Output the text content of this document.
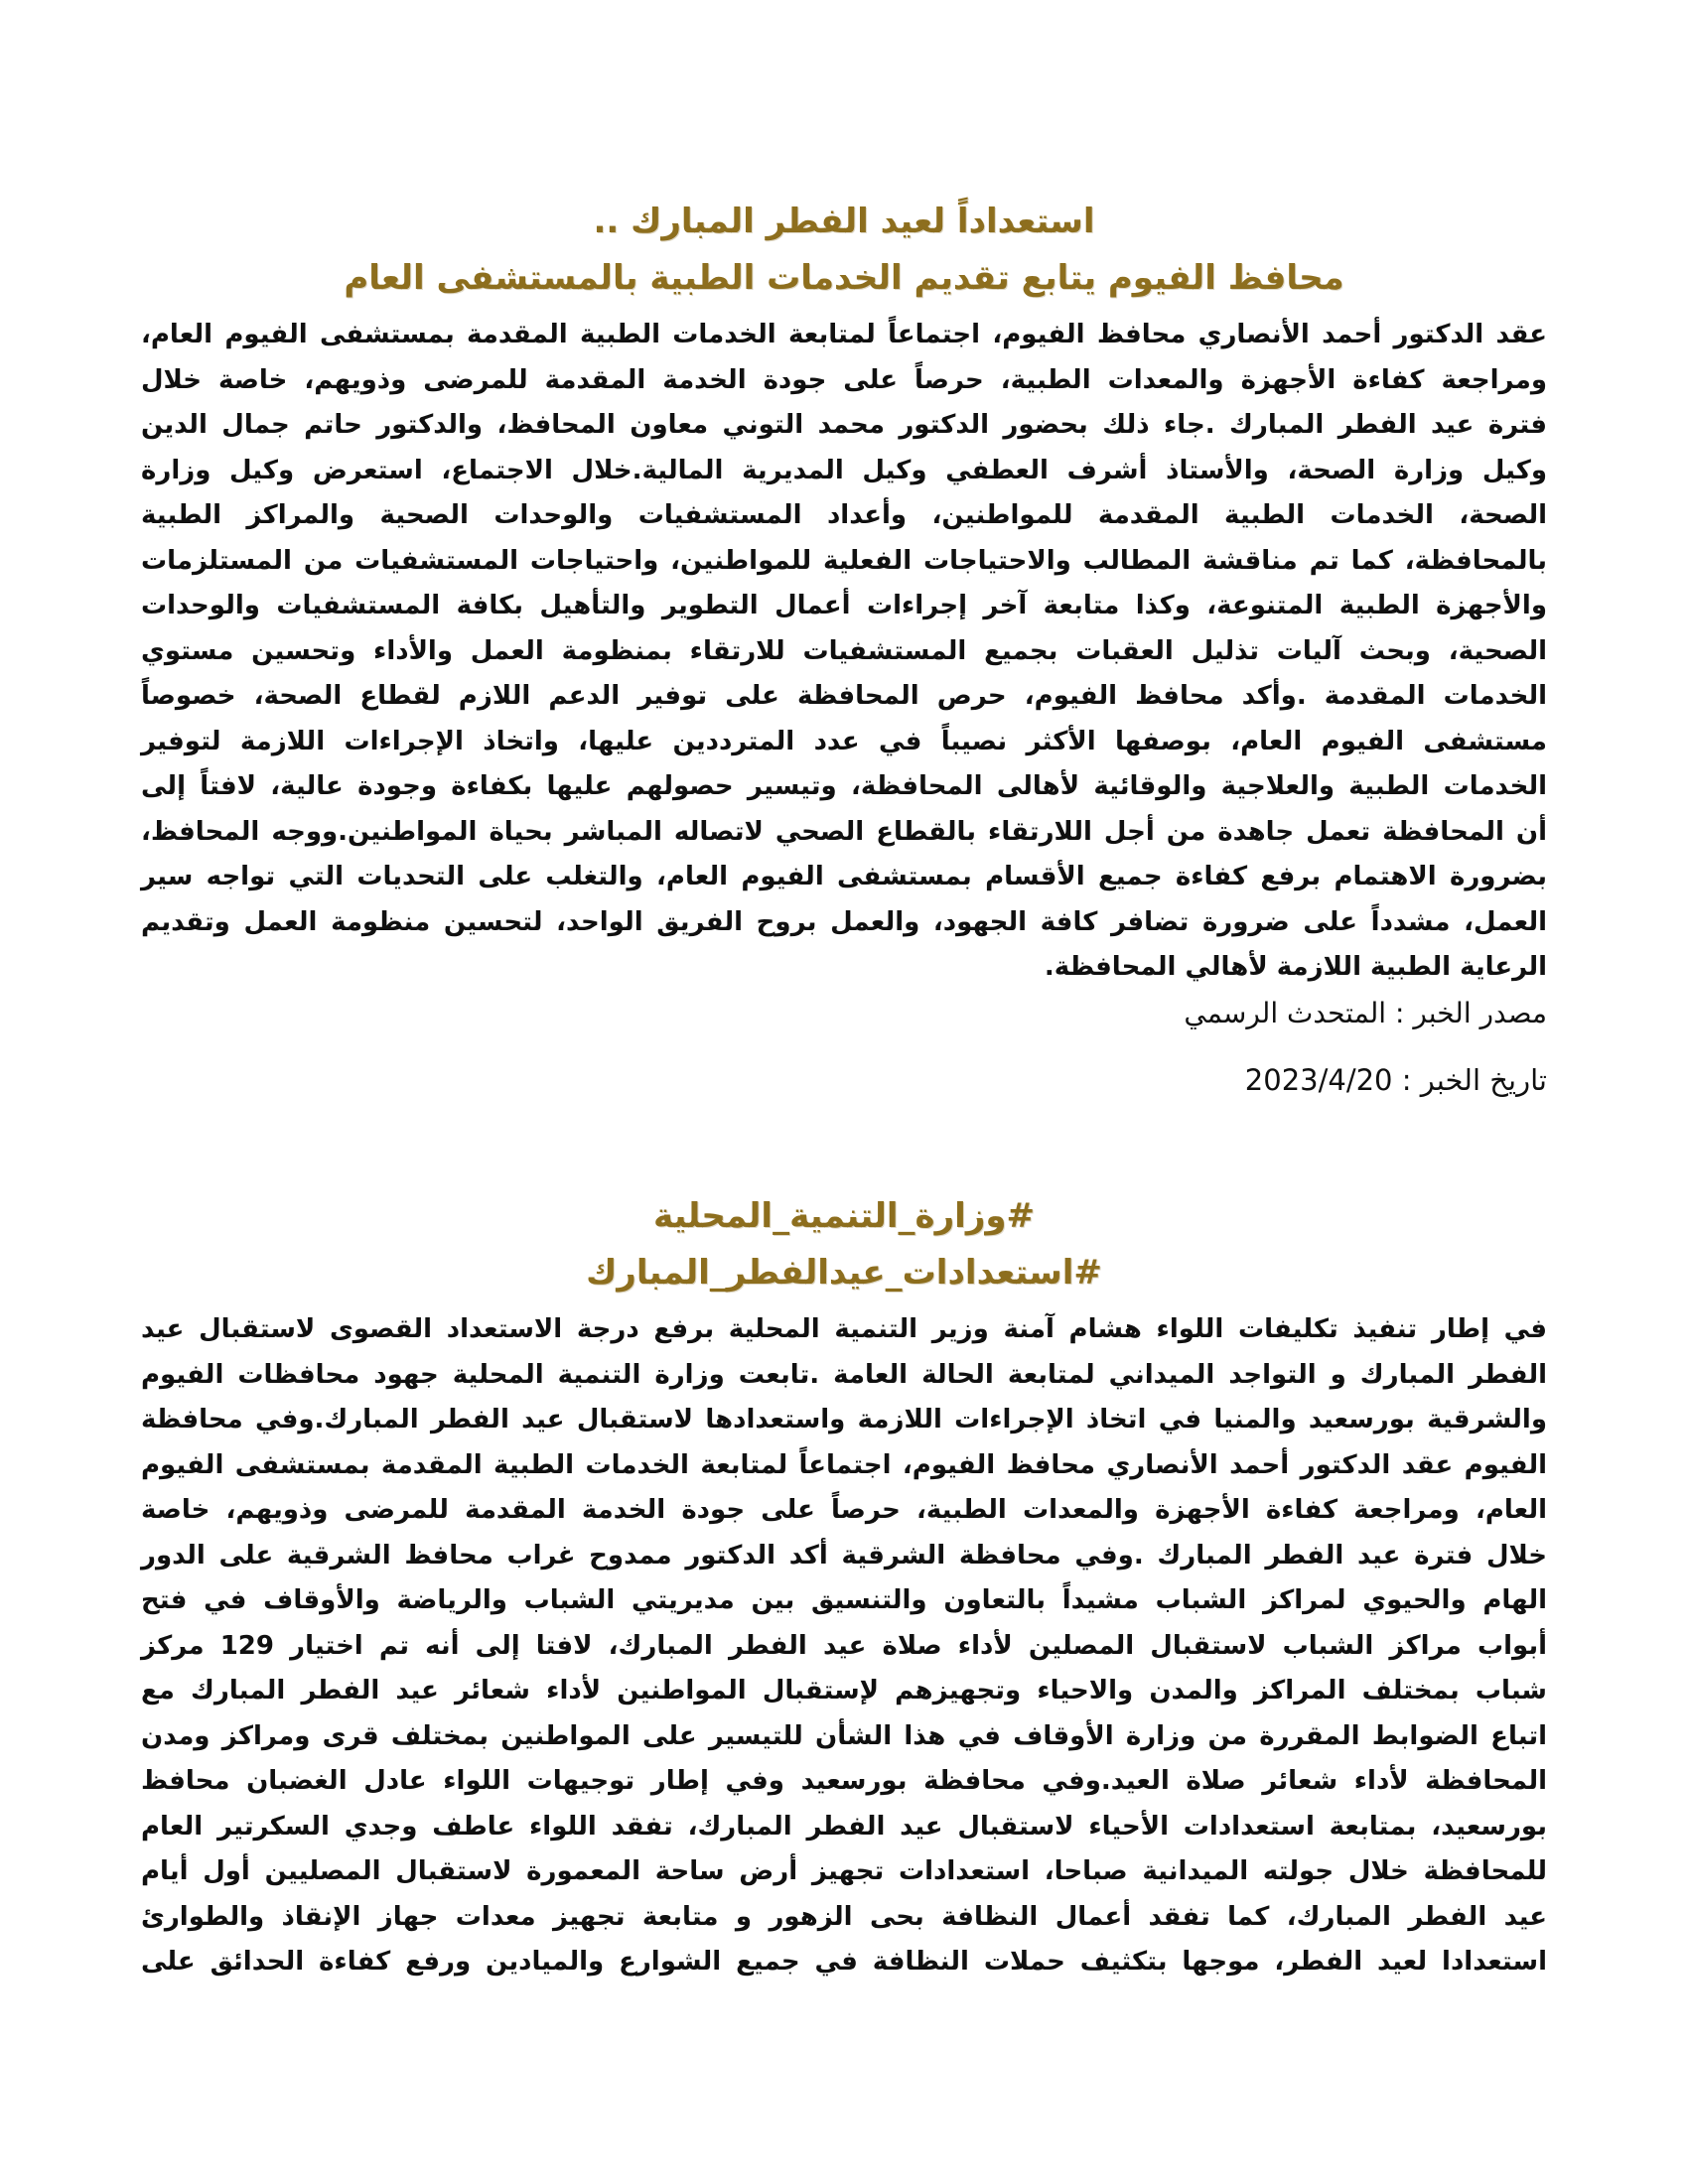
استعداداً لعيد الفطر المبارك ..
محافظ الفيوم يتابع تقديم الخدمات الطبية بالمستشفى العام
عقد الدكتور أحمد الأنصاري محافظ الفيوم، اجتماعاً لمتابعة الخدمات الطبية المقدمة بمستشفى الفيوم العام،
ومراجعة كفاءة الأجهزة والمعدات الطبية، حرصاً على جودة الخدمة المقدمة للمرضى وذويهم، خاصة خلال
فترة عيد الفطر المبارك .جاء ذلك بحضور الدكتور محمد التوني معاون المحافظ، والدكتور حاتم جمال الدين
وكيل وزارة الصحة، والأستاذ أشرف العطفي وكيل المديرية المالية.خلال الاجتماع، استعرض وكيل وزارة
الصحة، الخدمات الطبية المقدمة للمواطنين، وأعداد المستشفيات والوحدات الصحية والمراكز الطبية
بالمحافظة، كما تم مناقشة المطالب والاحتياجات الفعلية للمواطنين، واحتياجات المستشفيات من المستلزمات
والأجهزة الطبية المتنوعة، وكذا متابعة آخر إجراءات أعمال التطوير والتأهيل بكافة المستشفيات والوحدات
الصحية، وبحث آليات تذليل العقبات بجميع المستشفيات للارتقاء بمنظومة العمل والأداء وتحسين مستوي
الخدمات المقدمة .وأكد محافظ الفيوم، حرص المحافظة على توفير الدعم اللازم لقطاع الصحة، خصوصاً
مستشفى الفيوم العام، بوصفها الأكثر نصيباً في عدد المترددين عليها، واتخاذ الإجراءات اللازمة لتوفير
الخدمات الطبية والعلاجية والوقائية لأهالى المحافظة، وتيسير حصولهم عليها بكفاءة وجودة عالية، لافتاً إلى
أن المحافظة تعمل جاهدة من أجل اللارتقاء بالقطاع الصحي لاتصاله المباشر بحياة المواطنين.ووجه المحافظ،
بضرورة الاهتمام برفع كفاءة جميع الأقسام بمستشفى الفيوم العام، والتغلب على التحديات التي تواجه سير
العمل، مشدداً على ضرورة تضافر كافة الجهود، والعمل بروح الفريق الواحد، لتحسين منظومة العمل وتقديم
الرعاية الطبية اللازمة لأهالي المحافظة.
مصدر الخبر : المتحدث الرسمي
تاريخ الخبر : 2023/4/20
#وزارة_التنمية_المحلية
#استعدادات_عيدالفطر_المبارك
في إطار تنفيذ تكليفات اللواء هشام آمنة وزير التنمية المحلية برفع درجة الاستعداد القصوى لاستقبال عيد
الفطر المبارك و التواجد الميداني لمتابعة الحالة العامة .تابعت وزارة التنمية المحلية جهود محافظات الفيوم
والشرقية بورسعيد والمنيا في اتخاذ الإجراءات اللازمة واستعدادها لاستقبال عيد الفطر المبارك.وفي محافظة
الفيوم عقد الدكتور أحمد الأنصاري محافظ الفيوم، اجتماعاً لمتابعة الخدمات الطبية المقدمة بمستشفى الفيوم
العام، ومراجعة كفاءة الأجهزة والمعدات الطبية، حرصاً على جودة الخدمة المقدمة للمرضى وذويهم، خاصة
خلال فترة عيد الفطر المبارك .وفي محافظة الشرقية أكد الدكتور ممدوح غراب محافظ الشرقية على الدور
الهام والحيوي لمراكز الشباب مشيداً بالتعاون والتنسيق بين مديريتي الشباب والرياضة والأوقاف في فتح
أبواب مراكز الشباب لاستقبال المصلين لأداء صلاة عيد الفطر المبارك، لافتا إلى أنه تم اختيار 129 مركز
شباب بمختلف المراكز والمدن والاحياء وتجهيزهم لإستقبال المواطنين لأداء شعائر عيد الفطر المبارك مع
اتباع الضوابط المقررة من وزارة الأوقاف في هذا الشأن للتيسير على المواطنين بمختلف قرى ومراكز ومدن
المحافظة لأداء شعائر صلاة العيد.وفي محافظة بورسعيد وفي إطار توجيهات اللواء عادل الغضبان محافظ
بورسعيد، بمتابعة استعدادات الأحياء لاستقبال عيد الفطر المبارك، تفقد اللواء عاطف وجدي السكرتير العام
للمحافظة خلال جولته الميدانية صباحا، استعدادات تجهيز أرض ساحة المعمورة لاستقبال المصليين أول أيام
عيد الفطر المبارك، كما تفقد أعمال النظافة بحى الزهور و متابعة تجهيز معدات جهاز الإنقاذ والطوارئ
استعدادا لعيد الفطر، موجها بتكثيف حملات النظافة في جميع الشوارع والميادين ورفع كفاءة الحدائق على
